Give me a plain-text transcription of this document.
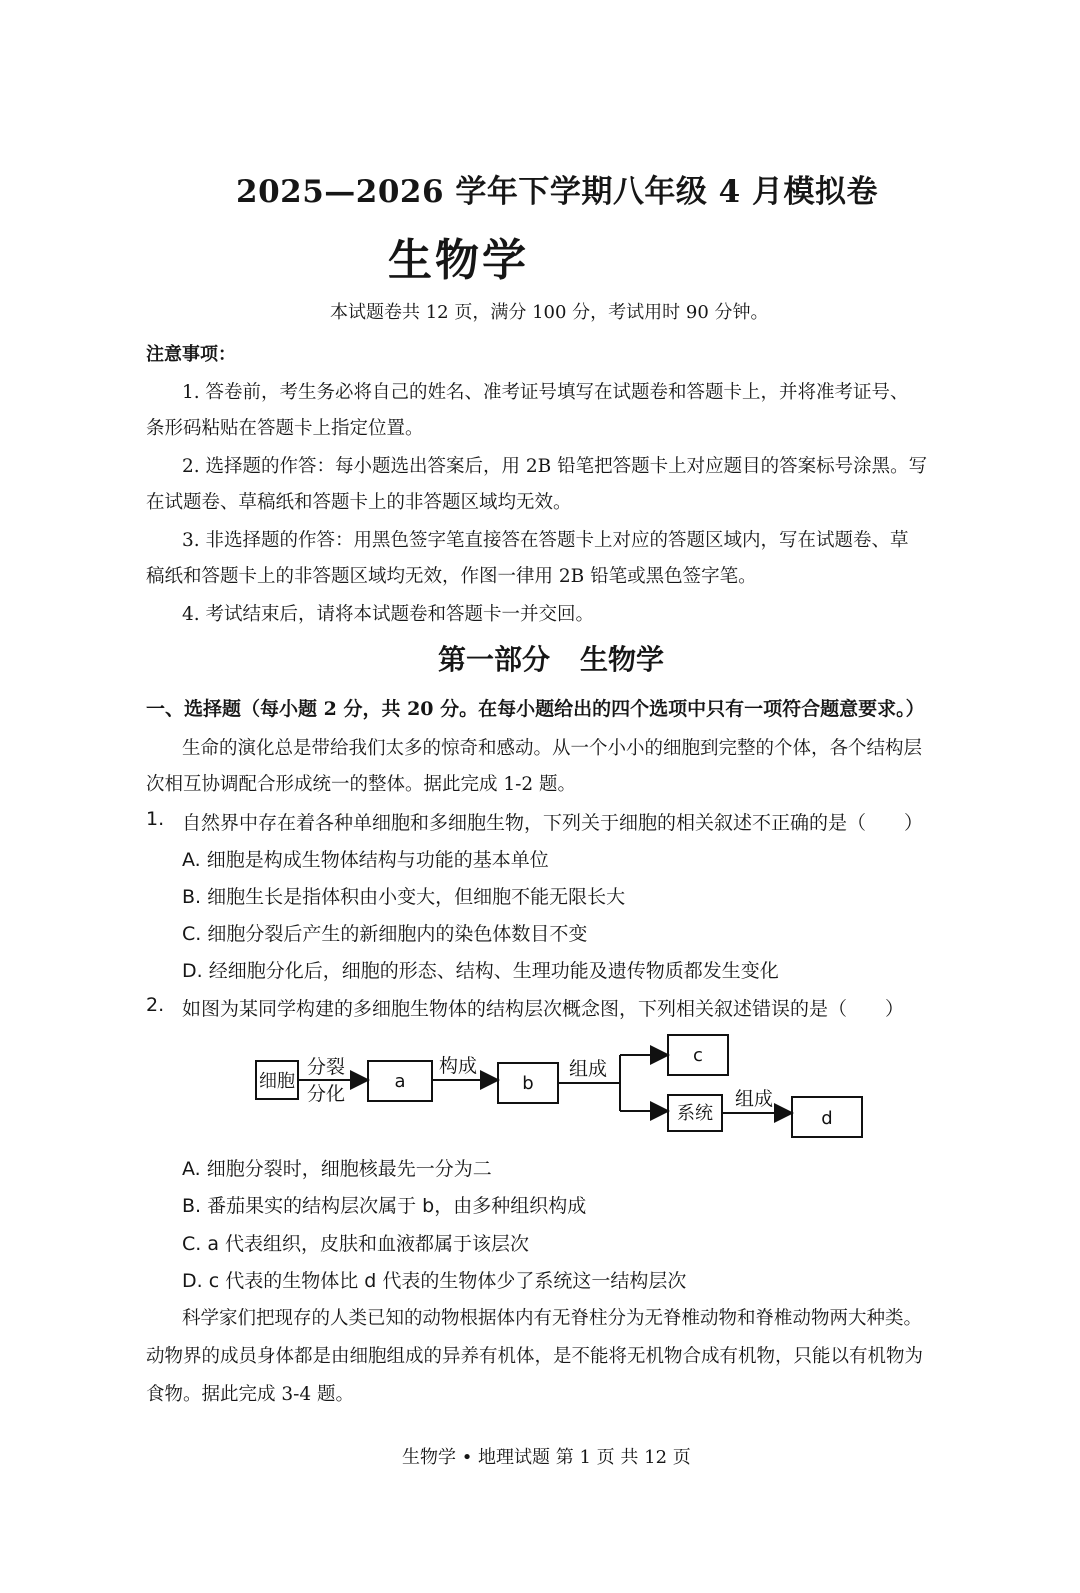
2025—2026 学年下学期八年级 4 月模拟卷
生物学
本试题卷共 12 页，满分 100 分，考试用时 90 分钟。
注意事项：
1. 答卷前，考生务必将自己的姓名、准考证号填写在试题卷和答题卡上，并将准考证号、
条形码粘贴在答题卡上指定位置。
2. 选择题的作答：每小题选出答案后，用 2B 铅笔把答题卡上对应题目的答案标号涂黑。写
在试题卷、草稿纸和答题卡上的非答题区域均无效。
3. 非选择题的作答：用黑色签字笔直接答在答题卡上对应的答题区域内，写在试题卷、草
稿纸和答题卡上的非答题区域均无效，作图一律用 2B 铅笔或黑色签字笔。
4. 考试结束后，请将本试题卷和答题卡一并交回。
第一部分 生物学
一、选择题（每小题 2 分，共 20 分。在每小题给出的四个选项中只有一项符合题意要求。）
生命的演化总是带给我们太多的惊奇和感动。从一个小小的细胞到完整的个体，各个结构层
次相互协调配合形成统一的整体。据此完成 1-2 题。
1. 自然界中存在着各种单细胞和多细胞生物，下列关于细胞的相关叙述不正确的是（　　）
A. 细胞是构成生物体结构与功能的基本单位
B. 细胞生长是指体积由小变大，但细胞不能无限长大
C. 细胞分裂后产生的新细胞内的染色体数目不变
D. 经细胞分化后，细胞的形态、结构、生理功能及遗传物质都发生变化
2. 如图为某同学构建的多细胞生物体的结构层次概念图，下列相关叙述错误的是（　　）
细胞
分裂
分化
a
构成
b
组成
c
系统
组成
d
A. 细胞分裂时，细胞核最先一分为二
B. 番茄果实的结构层次属于 b，由多种组织构成
C. a 代表组织，皮肤和血液都属于该层次
D. c 代表的生物体比 d 代表的生物体少了系统这一结构层次
科学家们把现存的人类已知的动物根据体内有无脊柱分为无脊椎动物和脊椎动物两大种类。
动物界的成员身体都是由细胞组成的异养有机体，是不能将无机物合成有机物，只能以有机物为
食物。据此完成 3-4 题。
生物学 • 地理试题 第 1 页 共 12 页
